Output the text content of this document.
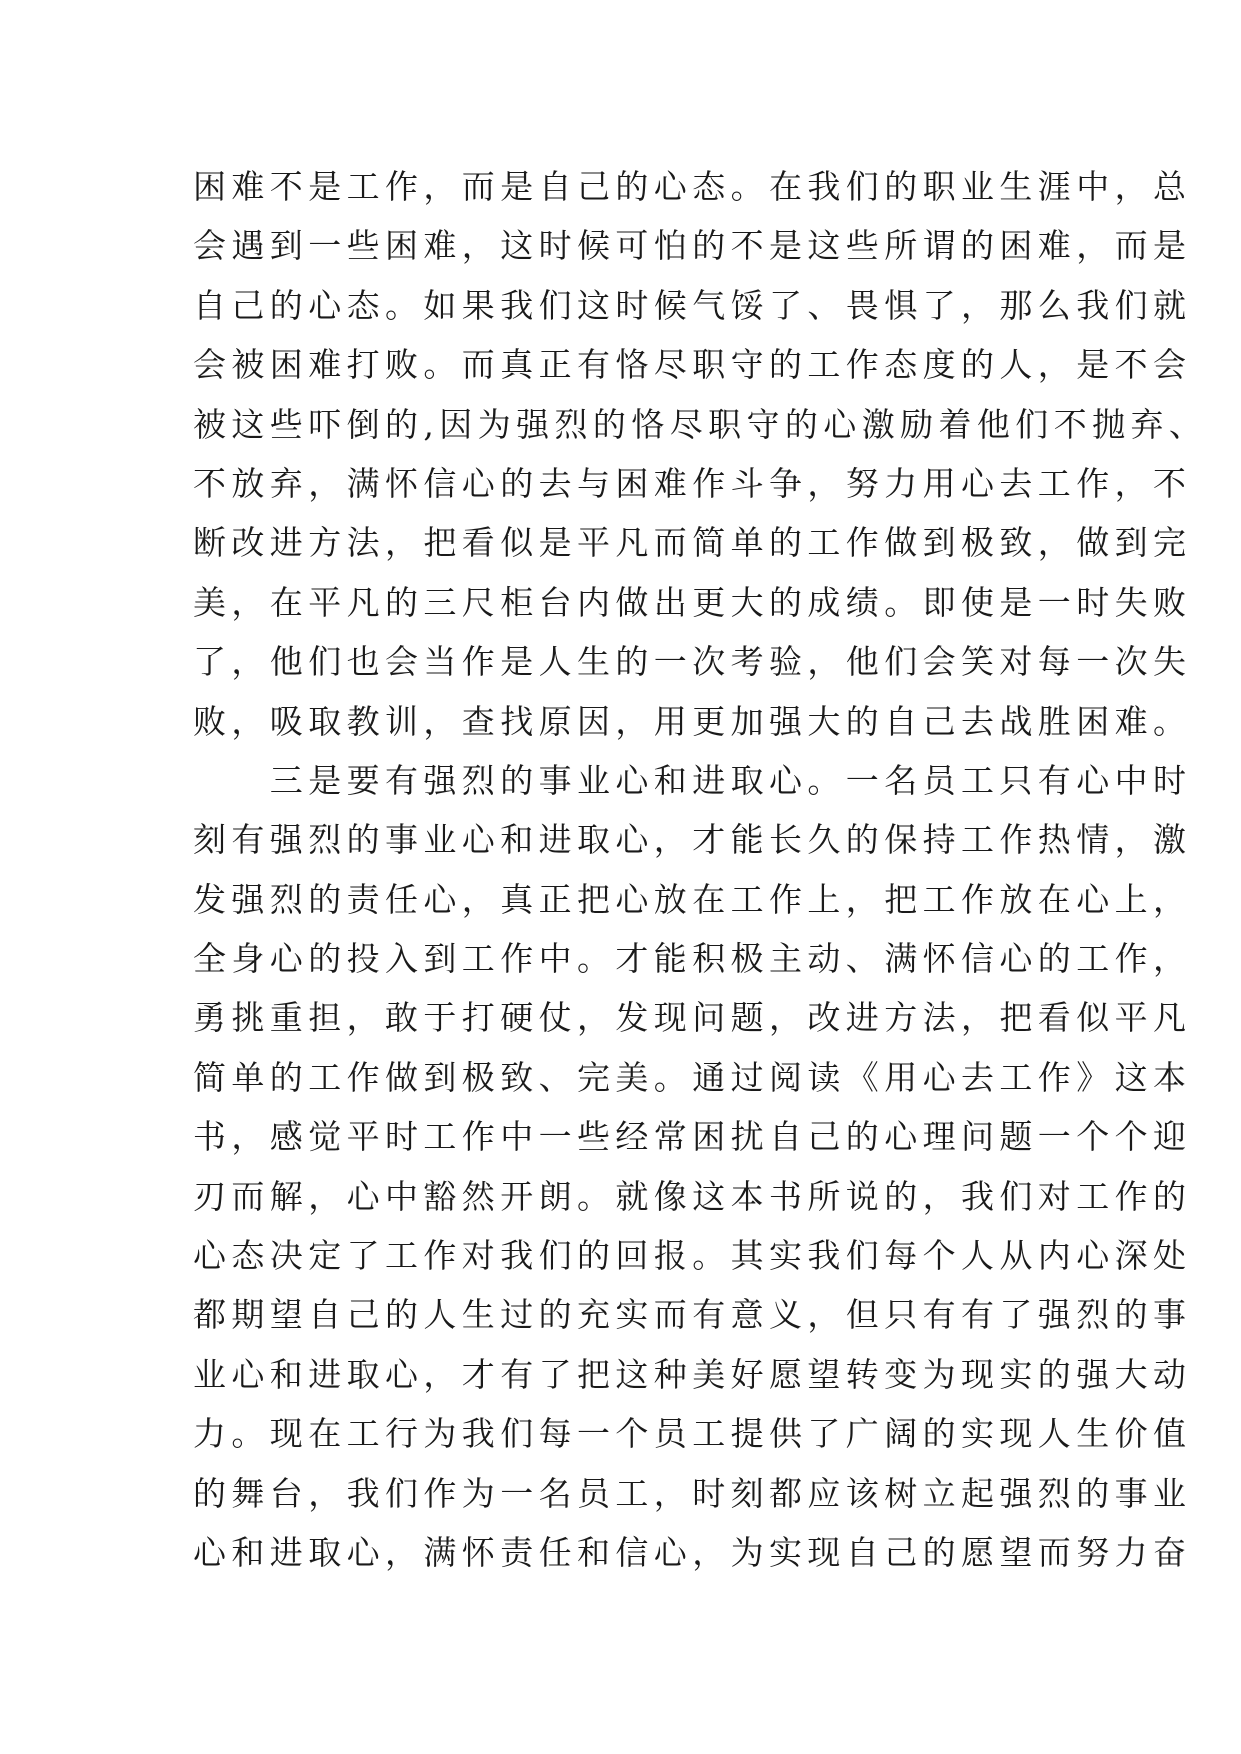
困难不是工作，而是自己的心态。在我们的职业生涯中，总
会遇到一些困难，这时候可怕的不是这些所谓的困难，而是
自己的心态。如果我们这时候气馁了、畏惧了，那么我们就
会被困难打败。而真正有恪尽职守的工作态度的人，是不会
被这些吓倒的,因为强烈的恪尽职守的心激励着他们不抛弃、
不放弃，满怀信心的去与困难作斗争，努力用心去工作，不
断改进方法，把看似是平凡而简单的工作做到极致，做到完
美，在平凡的三尺柜台内做出更大的成绩。即使是一时失败
了，他们也会当作是人生的一次考验，他们会笑对每一次失
败，吸取教训，查找原因，用更加强大的自己去战胜困难。
　　三是要有强烈的事业心和进取心。一名员工只有心中时
刻有强烈的事业心和进取心，才能长久的保持工作热情，激
发强烈的责任心，真正把心放在工作上，把工作放在心上，
全身心的投入到工作中。才能积极主动、满怀信心的工作，
勇挑重担，敢于打硬仗，发现问题，改进方法，把看似平凡
简单的工作做到极致、完美。通过阅读《用心去工作》这本
书，感觉平时工作中一些经常困扰自己的心理问题一个个迎
刃而解，心中豁然开朗。就像这本书所说的，我们对工作的
心态决定了工作对我们的回报。其实我们每个人从内心深处
都期望自己的人生过的充实而有意义，但只有有了强烈的事
业心和进取心，才有了把这种美好愿望转变为现实的强大动
力。现在工行为我们每一个员工提供了广阔的实现人生价值
的舞台，我们作为一名员工，时刻都应该树立起强烈的事业
心和进取心，满怀责任和信心，为实现自己的愿望而努力奋
